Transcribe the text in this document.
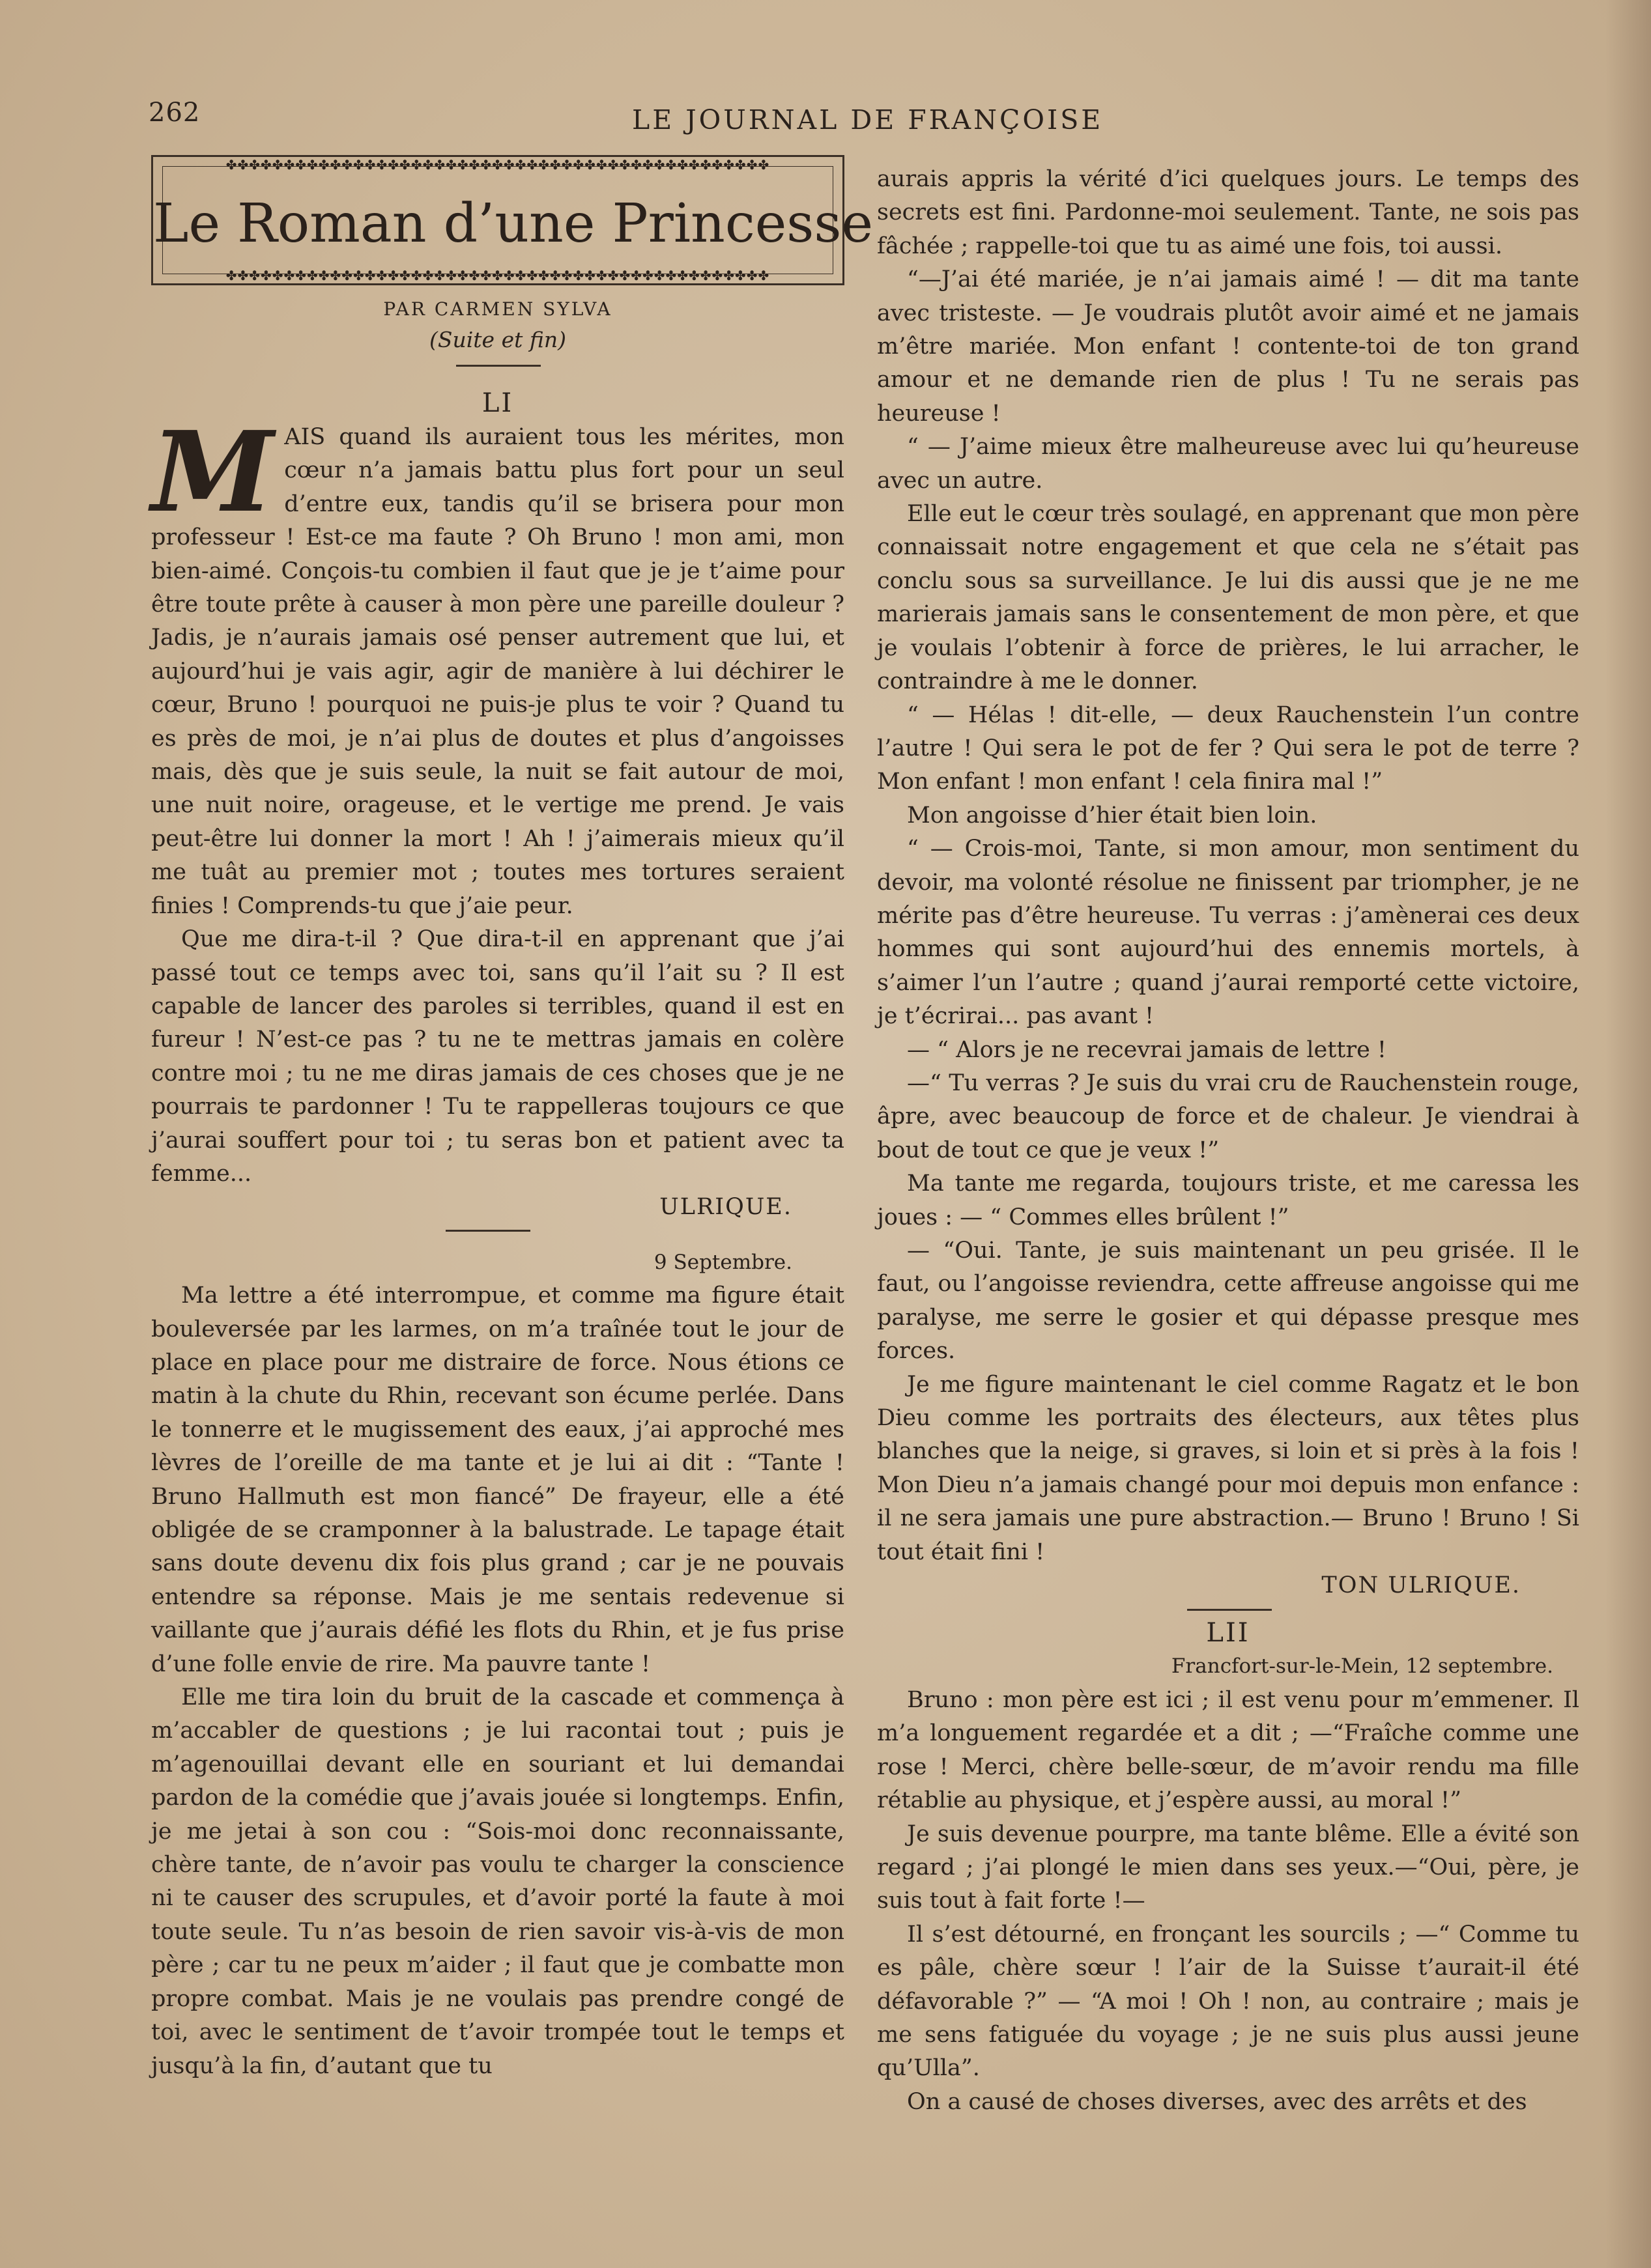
262	LE JOURNAL DE FRANÇOISE
✤✤✤✤✤✤✤✤✤✤✤✤✤✤✤✤✤✤✤✤✤✤✤✤✤✤✤✤✤✤✤✤✤✤✤✤✤✤✤✤✤✤✤✤✤✤✤
Le Roman d’une Princesse
✤✤✤✤✤✤✤✤✤✤✤✤✤✤✤✤✤✤✤✤✤✤✤✤✤✤✤✤✤✤✤✤✤✤✤✤✤✤✤✤✤✤✤✤✤✤✤
PAR CARMEN SYLVA
(Suite et fin)
LI

MAIS quand ils auraient tous les mérites, mon cœur n’a jamais battu plus fort pour un seul d’entre eux, tandis qu’il se brisera pour mon professeur ! Est-ce ma faute ? Oh Bruno ! mon ami, mon bien-aimé. Conçois-tu combien il faut que je je t’aime pour être toute prête à causer à mon père une pareille douleur ? Jadis, je n’aurais jamais osé penser autrement que lui, et aujourd’hui je vais agir, agir de manière à lui déchirer le cœur, Bruno ! pourquoi ne puis-je plus te voir ? Quand tu es près de moi, je n’ai plus de doutes et plus d’angoisses mais, dès que je suis seule, la nuit se fait autour de moi, une nuit noire, orageuse, et le vertige me prend. Je vais peut-être lui donner la mort ! Ah ! j’aimerais mieux qu’il me tuât au premier mot ; toutes mes tortures seraient finies ! Comprends-tu que j’aie peur.

Que me dira-t-il ? Que dira-t-il en apprenant que j’ai passé tout ce temps avec toi, sans qu’il l’ait su ? Il est capable de lancer des paroles si terribles, quand il est en fureur ! N’est-ce pas ? tu ne te mettras jamais en colère contre moi ; tu ne me diras jamais de ces choses que je ne pourrais te pardonner ! Tu te rappelleras toujours ce que j’aurai souffert pour toi ; tu seras bon et patient avec ta femme...

ULRIQUE.

9 Septembre.

Ma lettre a été interrompue, et comme ma figure était bouleversée par les larmes, on m’a traînée tout le jour de place en place pour me distraire de force. Nous étions ce matin à la chute du Rhin, recevant son écume perlée. Dans le tonnerre et le mugissement des eaux, j’ai approché mes lèvres de l’oreille de ma tante et je lui ai dit : “Tante ! Bruno Hallmuth est mon fiancé” De frayeur, elle a été obligée de se cramponner à la balustrade. Le tapage était sans doute devenu dix fois plus grand ; car je ne pouvais entendre sa réponse. Mais je me sentais redevenue si vaillante que j’aurais défié les flots du Rhin, et je fus prise d’une folle envie de rire. Ma pauvre tante !

Elle me tira loin du bruit de la cascade et commença à m’accabler de questions ; je lui racontai tout ; puis je m’agenouillai devant elle en souriant et lui demandai pardon de la comédie que j’avais jouée si longtemps. Enfin, je me jetai à son cou : “Sois-moi donc reconnaissante, chère tante, de n’avoir pas voulu te charger la conscience ni te causer des scrupules, et d’avoir porté la faute à moi toute seule. Tu n’as besoin de rien savoir vis-à-vis de mon père ; car tu ne peux m’aider ; il faut que je combatte mon propre combat. Mais je ne voulais pas prendre congé de toi, avec le sentiment de t’avoir trompée tout le temps et jusqu’à la fin, d’autant que tu

aurais appris la vérité d’ici quelques jours. Le temps des secrets est fini. Pardonne-moi seulement. Tante, ne sois pas fâchée ; rappelle-toi que tu as aimé une fois, toi aussi.

“—J’ai été mariée, je n’ai jamais aimé ! — dit ma tante avec tristeste. — Je voudrais plutôt avoir aimé et ne jamais m’être mariée. Mon enfant ! contente-toi de ton grand amour et ne demande rien de plus ! Tu ne serais pas heureuse !

“ — J’aime mieux être malheureuse avec lui qu’heureuse avec un autre.

Elle eut le cœur très soulagé, en apprenant que mon père connaissait notre engagement et que cela ne s’était pas conclu sous sa surveillance. Je lui dis aussi que je ne me marierais jamais sans le consentement de mon père, et que je voulais l’obtenir à force de prières, le lui arracher, le contraindre à me le donner.

“ — Hélas ! dit-elle, — deux Rauchenstein l’un contre l’autre ! Qui sera le pot de fer ? Qui sera le pot de terre ? Mon enfant ! mon enfant ! cela finira mal !”

Mon angoisse d’hier était bien loin.

“ — Crois-moi, Tante, si mon amour, mon sentiment du devoir, ma volonté résolue ne finissent par triompher, je ne mérite pas d’être heureuse. Tu verras : j’amènerai ces deux hommes qui sont aujourd’hui des ennemis mortels, à s’aimer l’un l’autre ; quand j’aurai remporté cette victoire, je t’écrirai... pas avant !

— “ Alors je ne recevrai jamais de lettre !

—“ Tu verras ? Je suis du vrai cru de Rauchenstein rouge, âpre, avec beaucoup de force et de chaleur. Je viendrai à bout de tout ce que je veux !”

Ma tante me regarda, toujours triste, et me caressa les joues : — “ Commes elles brûlent !”

— “Oui. Tante, je suis maintenant un peu grisée. Il le faut, ou l’angoisse reviendra, cette affreuse angoisse qui me paralyse, me serre le gosier et qui dépasse presque mes forces.

Je me figure maintenant le ciel comme Ragatz et le bon Dieu comme les portraits des électeurs, aux têtes plus blanches que la neige, si graves, si loin et si près à la fois ! Mon Dieu n’a jamais changé pour moi depuis mon enfance : il ne sera jamais une pure abstraction.— Bruno ! Bruno ! Si tout était fini !

TON ULRIQUE.

LII

Francfort-sur-le-Mein, 12 septembre.

Bruno : mon père est ici ; il est venu pour m’emmener. Il m’a longuement regardée et a dit ; —“Fraîche comme une rose ! Merci, chère belle-sœur, de m’avoir rendu ma fille rétablie au physique, et j’espère aussi, au moral !”

Je suis devenue pourpre, ma tante blême. Elle a évité son regard ; j’ai plongé le mien dans ses yeux.—“Oui, père, je suis tout à fait forte !—

Il s’est détourné, en fronçant les sourcils ; —“ Comme tu es pâle, chère sœur ! l’air de la Suisse t’aurait-il été défavorable ?” — “A moi ! Oh ! non, au contraire ; mais je me sens fatiguée du voyage ; je ne suis plus aussi jeune qu’Ulla”.

On a causé de choses diverses, avec des arrêts et des
